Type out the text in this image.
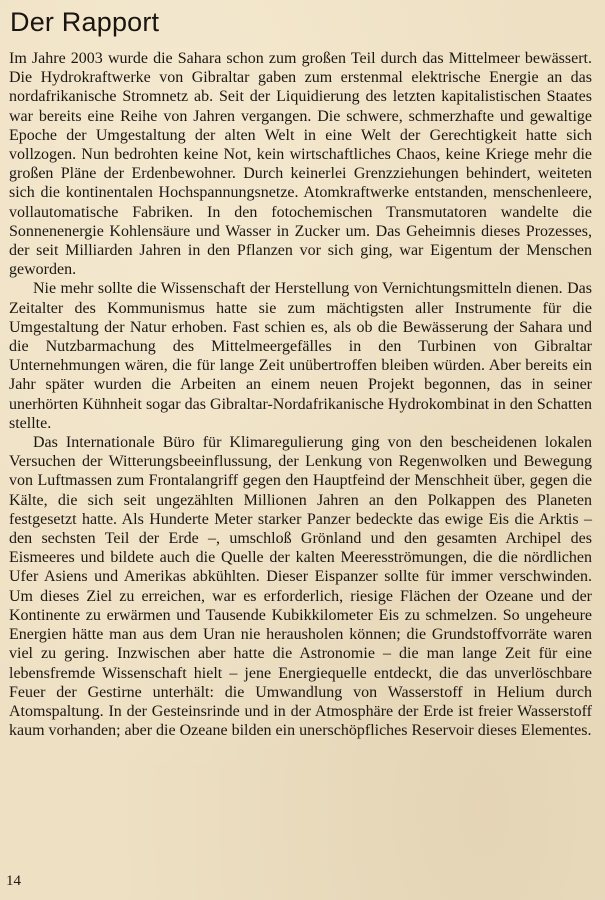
Der Rapport

Im Jahre 2003 wurde die Sahara schon zum großen Teil durch das Mittelmeer bewässert. Die Hydrokraftwerke von Gibraltar gaben zum erstenmal elektrische Energie an das nordafrikanische Stromnetz ab. Seit der Liquidierung des letzten kapitalistischen Staates war bereits eine Reihe von Jahren vergangen. Die schwere, schmerzhafte und gewaltige Epoche der Umgestaltung der alten Welt in eine Welt der Gerechtigkeit hatte sich vollzogen. Nun bedrohten keine Not, kein wirtschaftliches Chaos, keine Kriege mehr die großen Pläne der Erdenbewohner. Durch keinerlei Grenzziehungen behindert, weiteten sich die kontinentalen Hochspannungsnetze. Atomkraftwerke entstanden, menschenleere, vollautomatische Fabriken. In den fotochemischen Transmutatoren wandelte die Sonnenenergie Kohlensäure und Wasser in Zucker um. Das Geheimnis dieses Prozesses, der seit Milliarden Jahren in den Pflanzen vor sich ging, war Eigentum der Menschen geworden.

Nie mehr sollte die Wissenschaft der Herstellung von Vernichtungsmitteln dienen. Das Zeitalter des Kommunismus hatte sie zum mächtigsten aller Instrumente für die Umgestaltung der Natur erhoben. Fast schien es, als ob die Bewässerung der Sahara und die Nutzbarmachung des Mittelmeergefälles in den Turbinen von Gibraltar Unternehmungen wären, die für lange Zeit unübertroffen bleiben würden. Aber bereits ein Jahr später wurden die Arbeiten an einem neuen Projekt begonnen, das in seiner unerhörten Kühnheit sogar das Gibraltar-Nordafrikanische Hydrokombinat in den Schatten stellte.

Das Internationale Büro für Klimaregulierung ging von den bescheidenen lokalen Versuchen der Witterungsbeeinflussung, der Lenkung von Regenwolken und Bewegung von Luftmassen zum Frontalangriff gegen den Hauptfeind der Menschheit über, gegen die Kälte, die sich seit ungezählten Millionen Jahren an den Polkappen des Planeten festgesetzt hatte. Als Hunderte Meter starker Panzer bedeckte das ewige Eis die Arktis – den sechsten Teil der Erde –, umschloß Grönland und den gesamten Archipel des Eismeeres und bildete auch die Quelle der kalten Meeresströmungen, die die nördlichen Ufer Asiens und Amerikas abkühlten. Dieser Eispanzer sollte für immer verschwinden. Um dieses Ziel zu erreichen, war es erforderlich, riesige Flächen der Ozeane und der Kontinente zu erwärmen und Tausende Kubikkilometer Eis zu schmelzen. So ungeheure Energien hätte man aus dem Uran nie herausholen können; die Grundstoffvorräte waren viel zu gering. Inzwischen aber hatte die Astronomie – die man lange Zeit für eine lebensfremde Wissenschaft hielt – jene Energiequelle entdeckt, die das unverlöschbare Feuer der Gestirne unterhält: die Umwandlung von Wasserstoff in Helium durch Atomspaltung. In der Gesteinsrinde und in der Atmosphäre der Erde ist freier Wasserstoff kaum vorhanden; aber die Ozeane bilden ein unerschöpfliches Reservoir dieses Elementes.

14
